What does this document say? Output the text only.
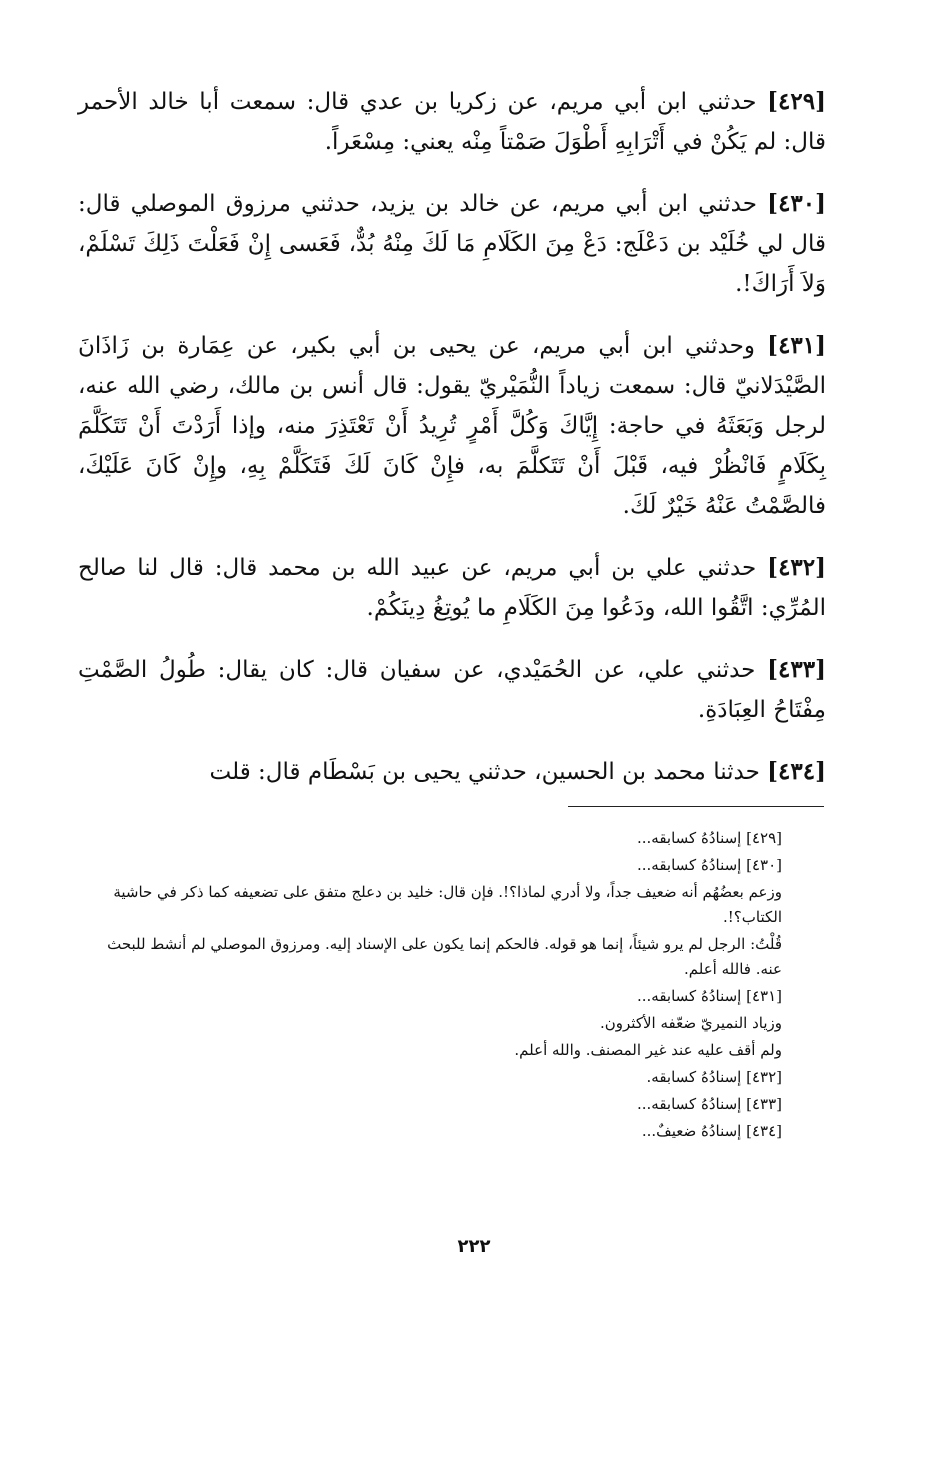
[٤٢٩] حدثني ابن أبي مريم، عن زكريا بن عدي قال: سمعت أبا خالد الأحمر قال: لم يَكُنْ في أَتْرَابِهِ أَطْوَلَ صَمْتاً مِنْه يعني: مِسْعَراً.

[٤٣٠] حدثني ابن أبي مريم، عن خالد بن يزيد، حدثني مرزوق الموصلي قال: قال لي خُلَيْد بن دَعْلَج: دَعْ مِنَ الكَلَامِ مَا لَكَ مِنْهُ بُدٌّ، فَعَسى إِنْ فَعَلْتَ ذَلِكَ تَسْلَمْ، وَلاَ أَرَاكَ!.

[٤٣١] وحدثني ابن أبي مريم، عن يحيى بن أبي بكير، عن عِمَارة بن زَاذَانَ الصَّيْدَلانيّ قال: سمعت زياداً النُّمَيْريّ يقول: قال أنس بن مالك، رضي الله عنه، لرجل وَبَعَثَهُ في حاجة: إِيَّاكَ وَكُلَّ أَمْرٍ تُرِيدُ أَنْ تَعْتَذِرَ منه، وإذا أَرَدْتَ أَنْ تَتَكَلَّمَ بِكَلَامٍ فَانْظُرْ فيه، قَبْلَ أَنْ تَتَكلَّمَ به، فإِنْ كَانَ لَكَ فَتَكَلَّمْ بِهِ، وإِنْ كَانَ عَلَيْكَ، فالصَّمْتُ عَنْهُ خَيْرٌ لَكَ.

[٤٣٢] حدثني علي بن أبي مريم، عن عبيد الله بن محمد قال: قال لنا صالح المُرِّي: اتَّقُوا الله، ودَعُوا مِنَ الكَلَامِ ما يُوتِغُ دِينَكُمْ.

[٤٣٣] حدثني علي، عن الحُمَيْدي، عن سفيان قال: كان يقال: طُولُ الصَّمْتِ مِفْتَاحُ العِبَادَةِ.

[٤٣٤] حدثنا محمد بن الحسين، حدثني يحيى بن بَسْطَام قال: قلت

[٤٢٩] إسنادُهُ كسابقه...
[٤٣٠] إسنادُهُ كسابقه...
وزعم بعضُهُم أنه ضعيف جداً، ولا أدري لماذا؟!. فإن قال: خليد بن دعلج متفق على تضعيفه كما ذكر في حاشية الكتاب؟!.
قُلْتُ: الرجل لم يرو شيئاً، إنما هو قوله. فالحكم إنما يكون على الإسناد إليه. ومرزوق الموصلي لم أنشط للبحث عنه. فالله أعلم.
[٤٣١] إسنادُهُ كسابقه...
وزياد النميريّ ضعّفه الأكثرون.
ولم أقف عليه عند غير المصنف. والله أعلم.
[٤٣٢] إسنادُهُ كسابقه.
[٤٣٣] إسنادُهُ كسابقه...
[٤٣٤] إسنادُهُ ضعيفٌ...
٢٢٢
